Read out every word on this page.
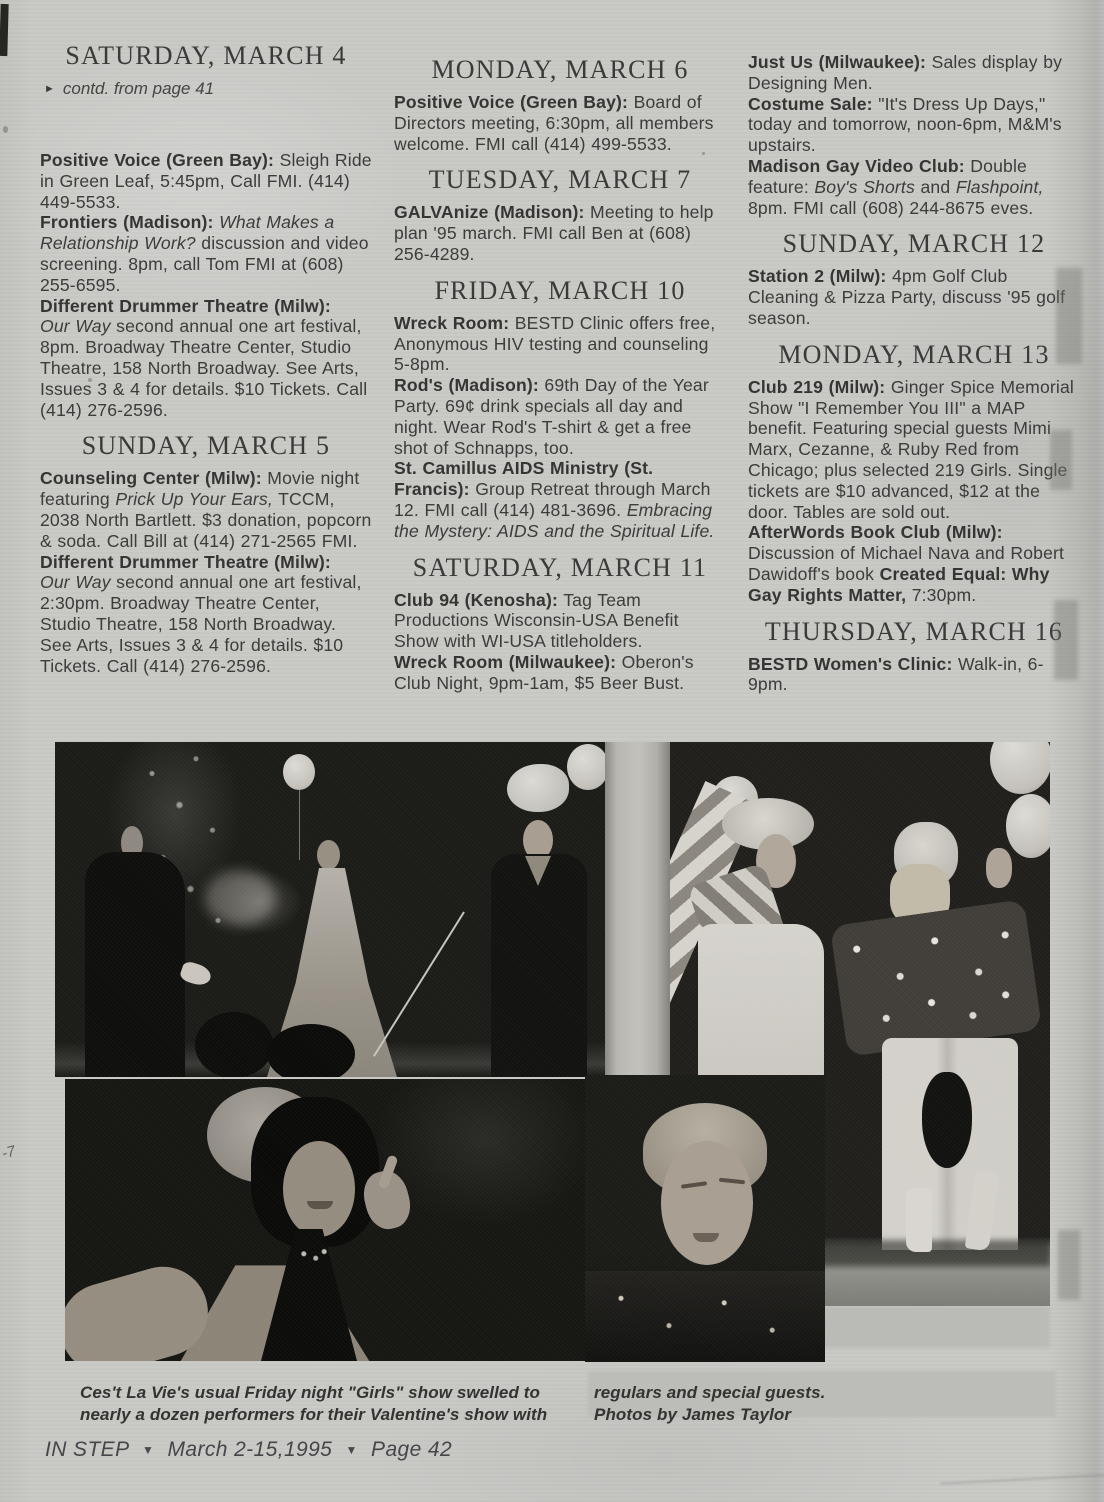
SATURDAY, MARCH 4

► contd. from page 41

Positive Voice (Green Bay): Sleigh Ride in Green Leaf, 5:45pm, Call FMI. (414) 449-5533.

Frontiers (Madison): What Makes a Relationship Work? discussion and video screening. 8pm, call Tom FMI at (608) 255-6595.

Different Drummer Theatre (Milw):
Our Way second annual one art festival, 8pm. Broadway Theatre Center, Studio Theatre, 158 North Broadway. See Arts, Issues 3 & 4 for details. $10 Tickets. Call (414) 276-2596.

SUNDAY, MARCH 5

Counseling Center (Milw): Movie night featuring Prick Up Your Ears, TCCM, 2038 North Bartlett. $3 donation, popcorn & soda. Call Bill at (414) 271-2565 FMI.

Different Drummer Theatre (Milw):
Our Way second annual one art festival, 2:30pm. Broadway Theatre Center, Studio Theatre, 158 North Broadway. See Arts, Issues 3 & 4 for details. $10 Tickets. Call (414) 276-2596.

MONDAY, MARCH 6

Positive Voice (Green Bay): Board of Directors meeting, 6:30pm, all members welcome. FMI call (414) 499-5533.

TUESDAY, MARCH 7

GALVAnize (Madison): Meeting to help plan '95 march. FMI call Ben at (608) 256-4289.

FRIDAY, MARCH 10

Wreck Room: BESTD Clinic offers free, Anonymous HIV testing and counseling 5-8pm.

Rod's (Madison): 69th Day of the Year Party. 69¢ drink specials all day and night. Wear Rod's T-shirt & get a free shot of Schnapps, too.

St. Camillus AIDS Ministry (St. Francis): Group Retreat through March 12. FMI call (414) 481-3696. Embracing the Mystery: AIDS and the Spiritual Life.

SATURDAY, MARCH 11

Club 94 (Kenosha): Tag Team Productions Wisconsin-USA Benefit Show with WI-USA titleholders.

Wreck Room (Milwaukee): Oberon's Club Night, 9pm-1am, $5 Beer Bust.

Just Us (Milwaukee): Sales display by Designing Men.

Costume Sale: "It's Dress Up Days," today and tomorrow, noon-6pm, M&M's upstairs.

Madison Gay Video Club: Double feature: Boy's Shorts and Flashpoint, 8pm. FMI call (608) 244-8675 eves.

SUNDAY, MARCH 12

Station 2 (Milw): 4pm Golf Club Cleaning & Pizza Party, discuss '95 golf season.

MONDAY, MARCH 13

Club 219 (Milw): Ginger Spice Memorial Show "I Remember You III" a MAP benefit. Featuring special guests Mimi Marx, Cezanne, & Ruby Red from Chicago; plus selected 219 Girls. Single tickets are $10 advanced, $12 at the door. Tables are sold out.

AfterWords Book Club (Milw):
Discussion of Michael Nava and Robert Dawidoff's book Created Equal: Why Gay Rights Matter, 7:30pm.

THURSDAY, MARCH 16

BESTD Women's Clinic: Walk-in, 6-9pm.

Ces't La Vie's usual Friday night "Girls" show swelled to nearly a dozen performers for their Valentine's show with
regulars and special guests.
Photos by James Taylor
IN STEP ▼ March 2-15,1995 ▼ Page 42
-7
